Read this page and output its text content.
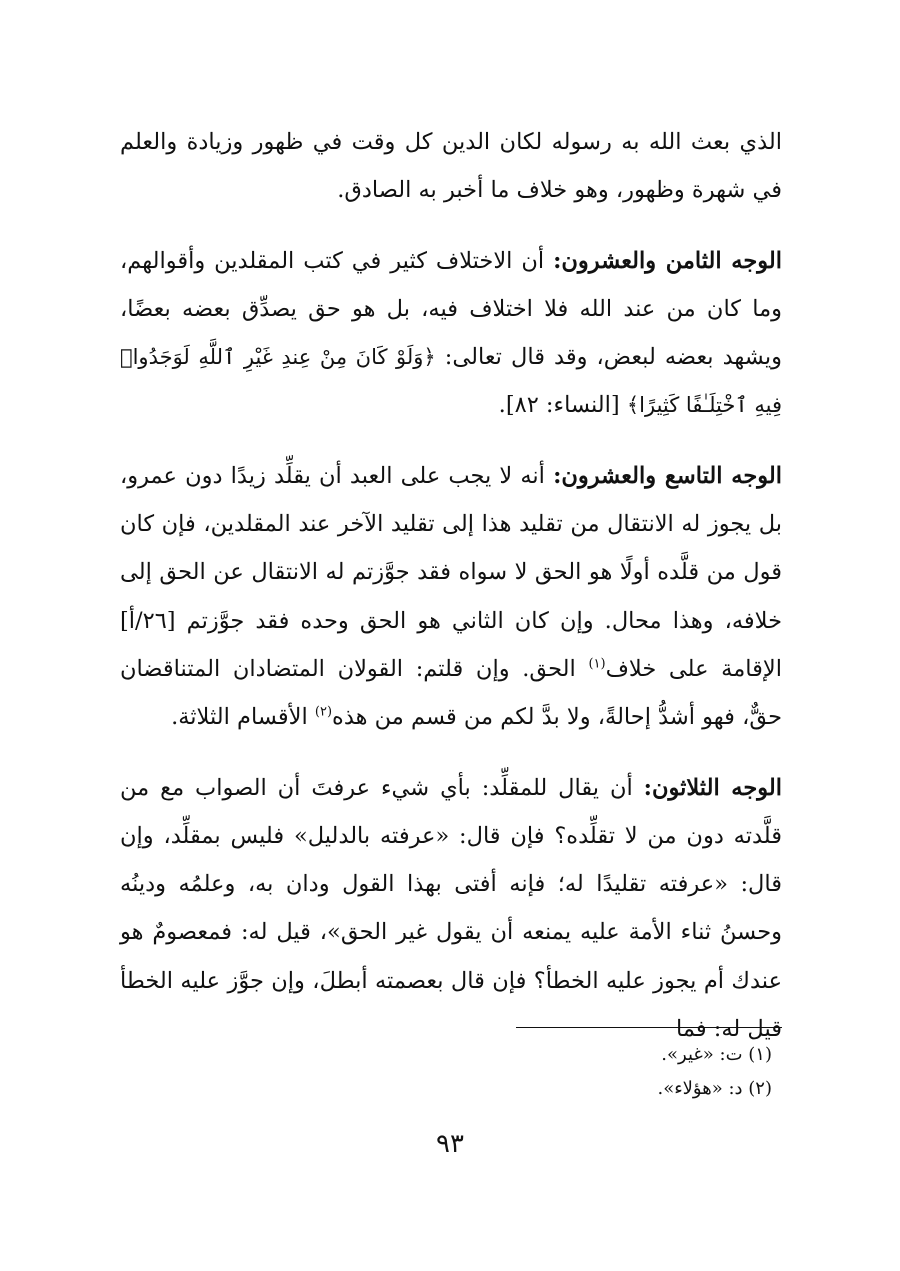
الذي بعث الله به رسوله لكان الدين كل وقت في ظهور وزيادة والعلم في شهرة وظهور، وهو خلاف ما أخبر به الصادق.

الوجه الثامن والعشرون: أن الاختلاف كثير في كتب المقلدين وأقوالهم، وما كان من عند الله فلا اختلاف فيه، بل هو حق يصدِّق بعضه بعضًا، ويشهد بعضه لبعض، وقد قال تعالى: ﴿وَلَوْ كَانَ مِنْ عِندِ غَيْرِ ٱللَّهِ لَوَجَدُوا۟ فِيهِ ٱخْتِلَـٰفًا كَثِيرًا﴾ [النساء: ٨٢].

الوجه التاسع والعشرون: أنه لا يجب على العبد أن يقلِّد زيدًا دون عمرو، بل يجوز له الانتقال من تقليد هذا إلى تقليد الآخر عند المقلدين، فإن كان قول من قلَّده أولًا هو الحق لا سواه فقد جوَّزتم له الانتقال عن الحق إلى خلافه، وهذا محال. وإن كان الثاني هو الحق وحده فقد جوَّزتم [٢٦/أ] الإقامة على خلاف$^{(١)}$ الحق. وإن قلتم: القولان المتضادان المتناقضان حقٌّ، فهو أشدُّ إحالةً، ولا بدَّ لكم من قسم من هذه$^{(٢)}$ الأقسام الثلاثة.

الوجه الثلاثون: أن يقال للمقلِّد: بأي شيء عرفتَ أن الصواب مع من قلَّدته دون من لا تقلِّده؟ فإن قال: «عرفته بالدليل» فليس بمقلِّد، وإن قال: «عرفته تقليدًا له؛ فإنه أفتى بهذا القول ودان به، وعلمُه ودينُه وحسنُ ثناء الأمة عليه يمنعه أن يقول غير الحق»، قيل له: فمعصومٌ هو عندك أم يجوز عليه الخطأ؟ فإن قال بعصمته أبطلَ، وإن جوَّز عليه الخطأ قيل له: فما

(١) ت: «غير».

(٢) د: «هؤلاء».

٩٣
